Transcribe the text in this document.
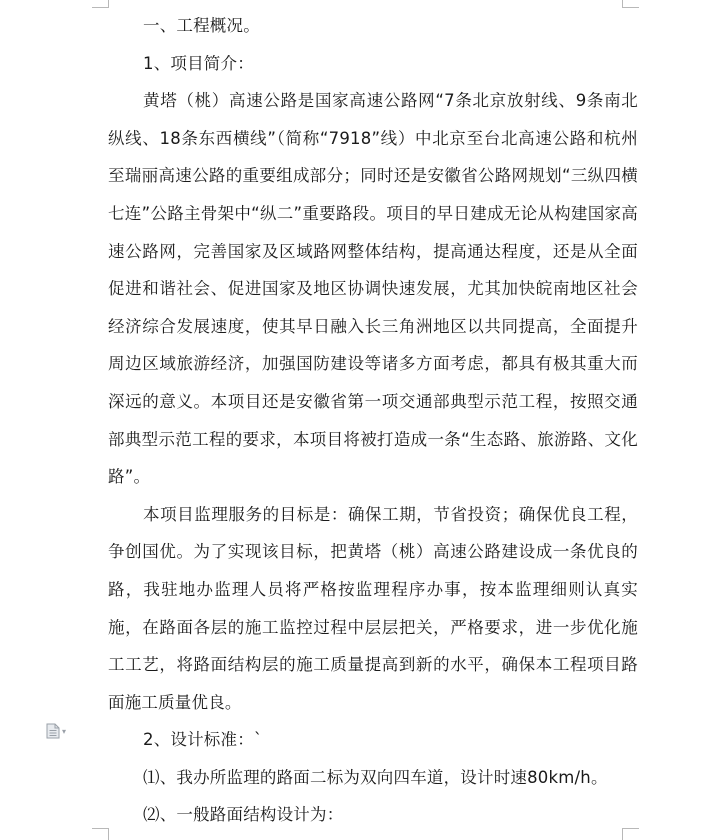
一、工程概况。

1、项目简介：

黄塔（桃）高速公路是国家高速公路网“7条北京放射线、9条南北纵线、18条东西横线”（简称“7918”线）中北京至台北高速公路和杭州至瑞丽高速公路的重要组成部分；同时还是安徽省公路网规划“三纵四横七连”公路主骨架中“纵二”重要路段。项目的早日建成无论从构建国家高速公路网，完善国家及区域路网整体结构，提高通达程度，还是从全面促进和谐社会、促进国家及地区协调快速发展，尤其加快皖南地区社会经济综合发展速度，使其早日融入长三角洲地区以共同提高，全面提升周边区域旅游经济，加强国防建设等诸多方面考虑，都具有极其重大而深远的意义。本项目还是安徽省第一项交通部典型示范工程，按照交通部典型示范工程的要求，本项目将被打造成一条“生态路、旅游路、文化路”。

本项目监理服务的目标是：确保工期，节省投资；确保优良工程，争创国优。为了实现该目标，把黄塔（桃）高速公路建设成一条优良的路，我驻地办监理人员将严格按监理程序办事，按本监理细则认真实施，在路面各层的施工监控过程中层层把关，严格要求，进一步优化施工工艺，将路面结构层的施工质量提高到新的水平，确保本工程项目路面施工质量优良。

2、设计标准：`

⑴、我办所监理的路面二标为双向四车道，设计时速80km/h。

⑵、一般路面结构设计为：

▾
